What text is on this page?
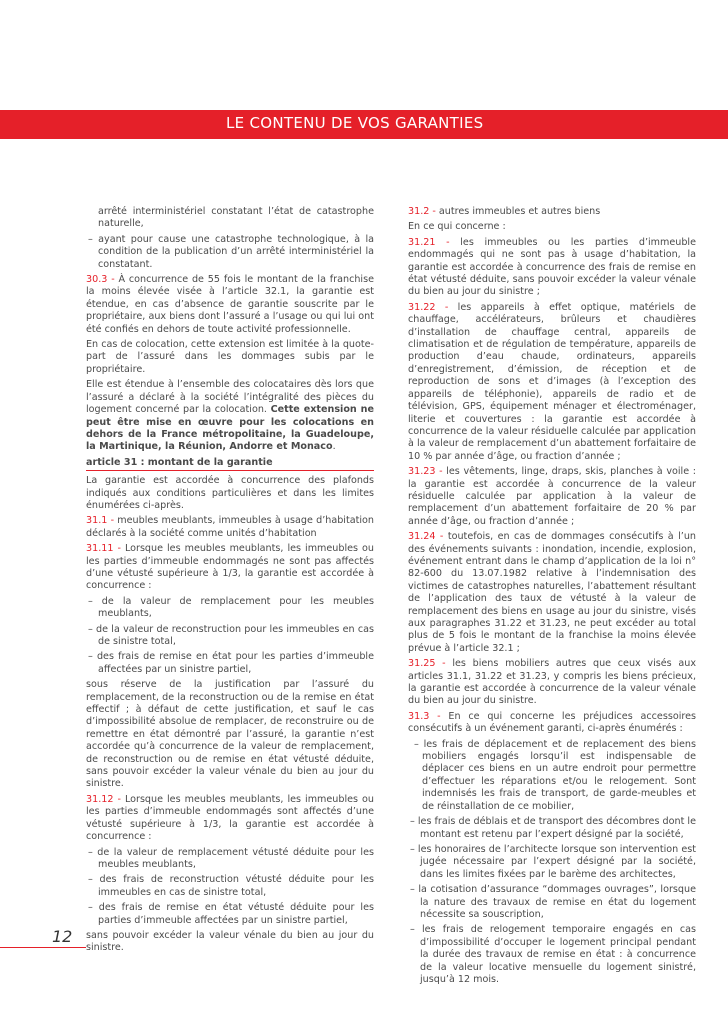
LE CONTENU DE VOS GARANTIES

arrêté interministériel constatant l’état de catastrophe naturelle,

– ayant pour cause une catastrophe technologique, à la condition de la publication d’un arrêté interministériel la constatant.

30.3 - À concurrence de 55 fois le montant de la franchise la moins élevée visée à l’article 32.1, la garantie est étendue, en cas d’absence de garantie souscrite par le propriétaire, aux biens dont l’assuré a l’usage ou qui lui ont été confiés en dehors de toute activité professionnelle.

En cas de colocation, cette extension est limitée à la quote-part de l’assuré dans les dommages subis par le propriétaire.

Elle est étendue à l’ensemble des colocataires dès lors que l’assuré a déclaré à la société l’intégralité des pièces du logement concerné par la colocation. Cette extension ne peut être mise en œuvre pour les colocations en dehors de la France métropolitaine, la Guadeloupe, la Martinique, la Réunion, Andorre et Monaco.

article 31 : montant de la garantie

La garantie est accordée à concurrence des plafonds indiqués aux conditions particulières et dans les limites énumérées ci-après.

31.1 - meubles meublants, immeubles à usage d’habitation déclarés à la société comme unités d’habitation

31.11 - Lorsque les meubles meublants, les immeubles ou les parties d’immeuble endommagés ne sont pas affectés d’une vétusté supérieure à 1/3, la garantie est accordée à concurrence :

– de la valeur de remplacement pour les meubles meublants,

– de la valeur de reconstruction pour les immeubles en cas de sinistre total,

– des frais de remise en état pour les parties d’immeuble affectées par un sinistre partiel,

sous réserve de la justification par l’assuré du remplacement, de la reconstruction ou de la remise en état effectif ; à défaut de cette justification, et sauf le cas d’impossibilité absolue de remplacer, de reconstruire ou de remettre en état démontré par l’assuré, la garantie n’est accordée qu’à concurrence de la valeur de remplacement, de reconstruction ou de remise en état vétusté déduite, sans pouvoir excéder la valeur vénale du bien au jour du sinistre.

31.12 - Lorsque les meubles meublants, les immeubles ou les parties d’immeuble endommagés sont affectés d’une vétusté supérieure à 1/3, la garantie est accordée à concurrence :

– de la valeur de remplacement vétusté déduite pour les meubles meublants,

– des frais de reconstruction vétusté déduite pour les immeubles en cas de sinistre total,

– des frais de remise en état vétusté déduite pour les parties d’immeuble affectées par un sinistre partiel,

sans pouvoir excéder la valeur vénale du bien au jour du sinistre.

31.2 - autres immeubles et autres biens

En ce qui concerne :

31.21 - les immeubles ou les parties d’immeuble endommagés qui ne sont pas à usage d’habitation, la garantie est accordée à concurrence des frais de remise en état vétusté déduite, sans pouvoir excéder la valeur vénale du bien au jour du sinistre ;

31.22 - les appareils à effet optique, matériels de chauffage, accélérateurs, brûleurs et chaudières d’installation de chauffage central, appareils de climatisation et de régulation de température, appareils de production d’eau chaude, ordinateurs, appareils d’enregistrement, d’émission, de réception et de reproduction de sons et d’images (à l’exception des appareils de téléphonie), appareils de radio et de télévision, GPS, équipement ménager et électroménager, literie et couvertures : la garantie est accordée à concurrence de la valeur résiduelle calculée par application à la valeur de remplacement d’un abattement forfaitaire de 10 % par année d’âge, ou fraction d’année ;

31.23 - les vêtements, linge, draps, skis, planches à voile : la garantie est accordée à concurrence de la valeur résiduelle calculée par application à la valeur de remplacement d’un abattement forfaitaire de 20 % par année d’âge, ou fraction d’année ;

31.24 - toutefois, en cas de dommages consécutifs à l’un des événements suivants : inondation, incendie, explosion, événement entrant dans le champ d’application de la loi n° 82-600 du 13.07.1982 relative à l’indemnisation des victimes de catastrophes naturelles, l’abattement résultant de l’application des taux de vétusté à la valeur de remplacement des biens en usage au jour du sinistre, visés aux paragraphes 31.22 et 31.23, ne peut excéder au total plus de 5 fois le montant de la franchise la moins élevée prévue à l’article 32.1 ;

31.25 - les biens mobiliers autres que ceux visés aux articles 31.1, 31.22 et 31.23, y compris les biens précieux, la garantie est accordée à concurrence de la valeur vénale du bien au jour du sinistre.

31.3 - En ce qui concerne les préjudices accessoires consécutifs à un événement garanti, ci-après énumérés :

– les frais de déplacement et de replacement des biens mobiliers engagés lorsqu’il est indispensable de déplacer ces biens en un autre endroit pour permettre d’effectuer les réparations et/ou le relogement. Sont indemnisés les frais de transport, de garde-meubles et de réinstallation de ce mobilier,

– les frais de déblais et de transport des décombres dont le montant est retenu par l’expert désigné par la société,

– les honoraires de l’architecte lorsque son intervention est jugée nécessaire par l’expert désigné par la société, dans les limites fixées par le barème des architectes,

– la cotisation d’assurance “dommages ouvrages”, lorsque la nature des travaux de remise en état du logement nécessite sa souscription,

– les frais de relogement temporaire engagés en cas d’impossibilité d’occuper le logement principal pendant la durée des travaux de remise en état : à concurrence de la valeur locative mensuelle du logement sinistré, jusqu’à 12 mois.

12
